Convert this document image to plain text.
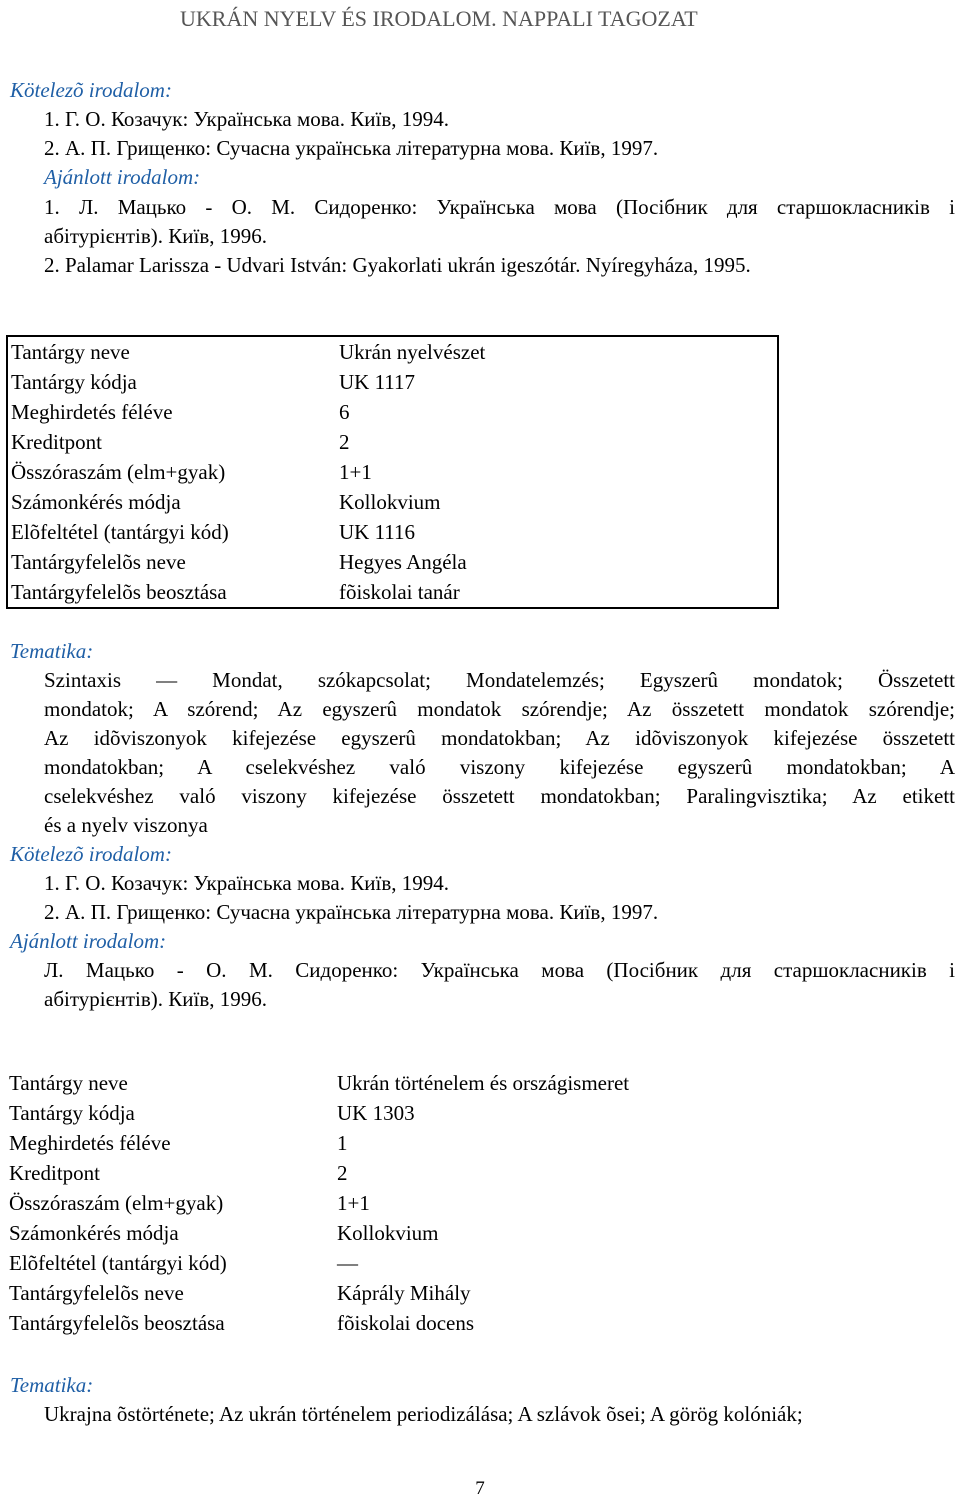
UKRÁN NYELV ÉS IRODALOM. NAPPALI TAGOZAT
Kötelezõ irodalom:
1. Г. О. Козачук: Українська мова. Київ, 1994.
2. А. П. Грищенко: Сучасна українська літературна мова. Київ, 1997.
Ajánlott irodalom:
1. Л. Мацько - О. М. Сидоренко: Українська мова (Посібник для старшокласників і
абітурієнтів). Київ, 1996.
2. Palamar Larissza - Udvari István: Gyakorlati ukrán igeszótár. Nyíregyháza, 1995.
Tantárgy neve	Ukrán nyelvészet
Tantárgy kódja	UK 1117
Meghirdetés féléve	6
Kreditpont	2
Összóraszám (elm+gyak)	1+1
Számonkérés módja	Kollokvium
Elõfeltétel (tantárgyi kód)	UK 1116
Tantárgyfelelõs neve	Hegyes Angéla
Tantárgyfelelõs beosztása	fõiskolai tanár
Tematika:
Szintaxis — Mondat, szókapcsolat; Mondatelemzés; Egyszerû mondatok; Összetett
mondatok; A szórend; Az egyszerû mondatok szórendje; Az összetett mondatok szórendje;
Az idõviszonyok kifejezése egyszerû mondatokban; Az idõviszonyok kifejezése összetett
mondatokban; A cselekvéshez való viszony kifejezése egyszerû mondatokban; A
cselekvéshez való viszony kifejezése összetett mondatokban; Paralingvisztika; Az etikett
és a nyelv viszonya
Kötelezõ irodalom:
1. Г. О. Козачук: Українська мова. Київ, 1994.
2. А. П. Грищенко: Сучасна українська літературна мова. Київ, 1997.
Ajánlott irodalom:
Л. Мацько - О. М. Сидоренко: Українська мова (Посібник для старшокласників і
абітурієнтів). Київ, 1996.
Tantárgy neve	Ukrán történelem és országismeret
Tantárgy kódja	UK 1303
Meghirdetés féléve	1
Kreditpont	2
Összóraszám (elm+gyak)	1+1
Számonkérés módja	Kollokvium
Elõfeltétel (tantárgyi kód)	—
Tantárgyfelelõs neve	Káprály Mihály
Tantárgyfelelõs beosztása	fõiskolai docens
Tematika:
Ukrajna õstörténete; Az ukrán történelem periodizálása; A szlávok õsei; A görög kolóniák;
7
